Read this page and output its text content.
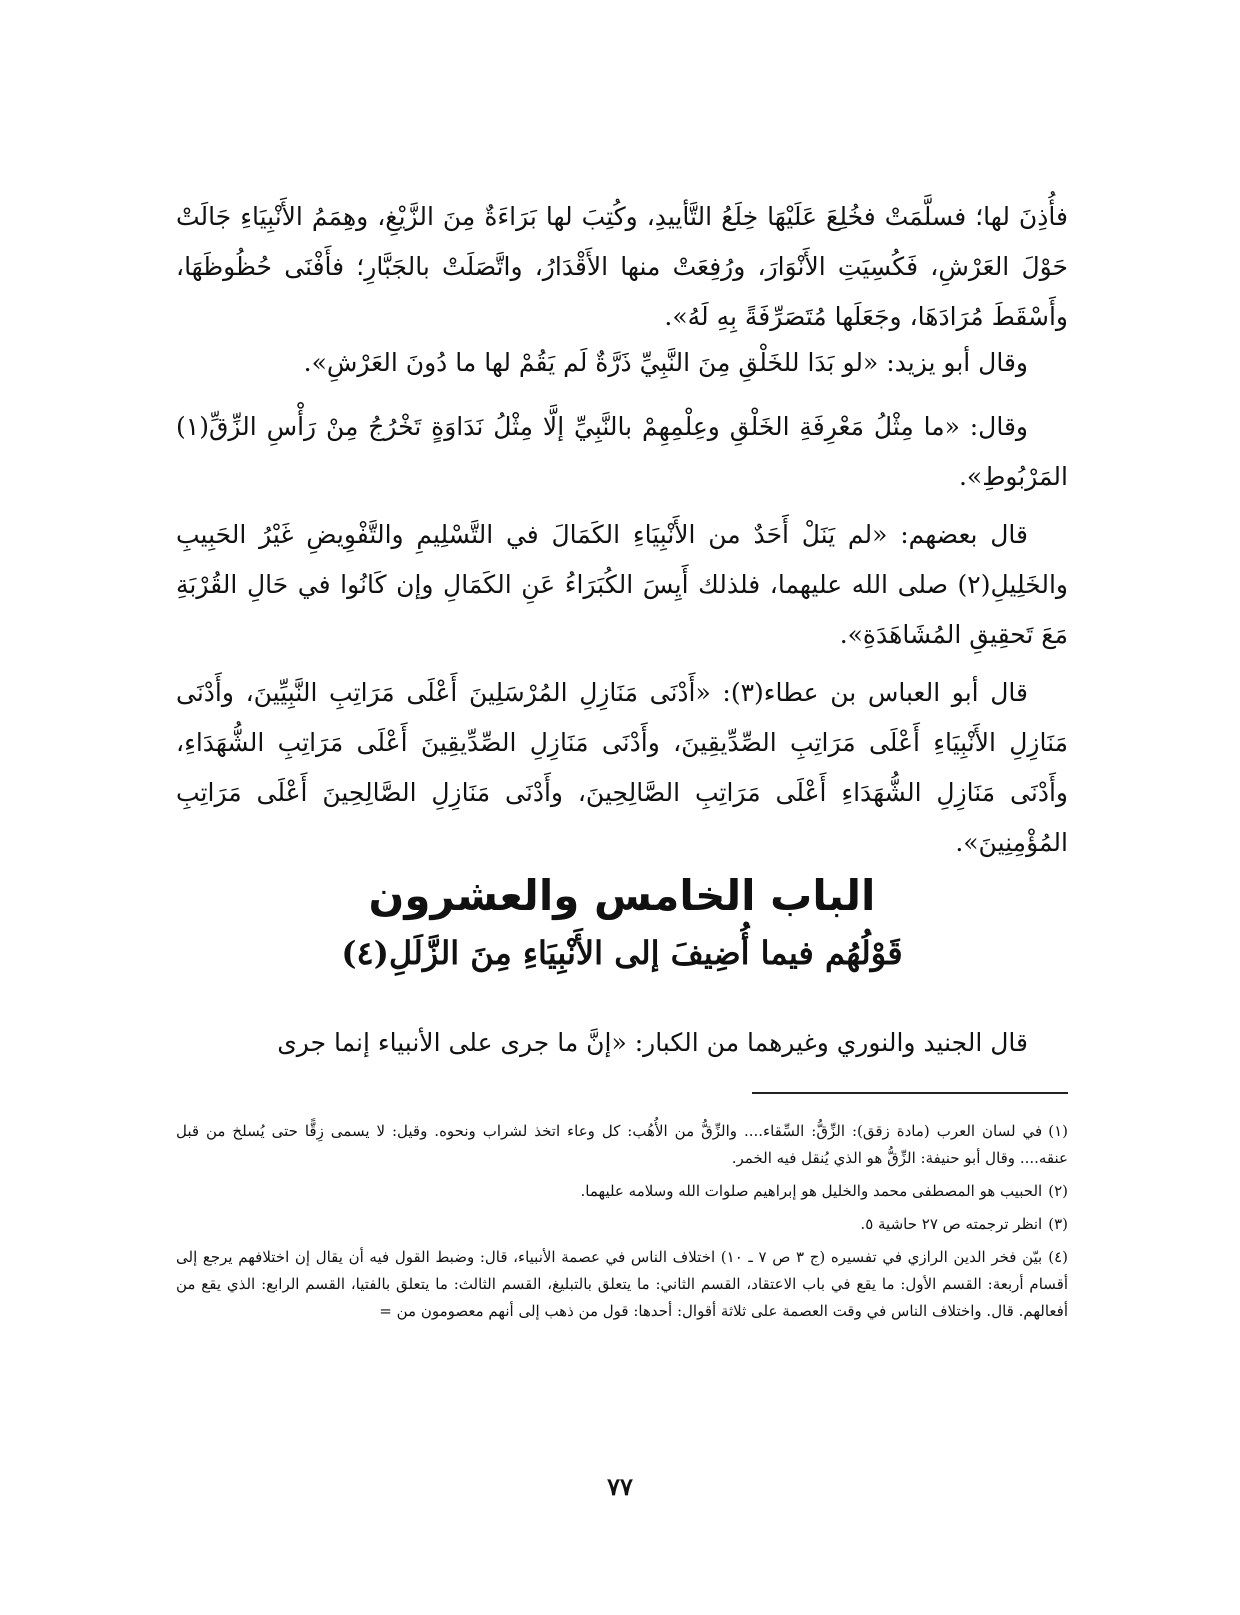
فأُذِنَ لها؛ فسلَّمَتْ فخُلِعَ عَلَيْهَا خِلَعُ التَّأييدِ، وكُتِبَ لها بَرَاءَةٌ مِنَ الزَّيْغِ، وهِمَمُ الأَنْبِيَاءِ جَالَتْ حَوْلَ العَرْشِ، فَكُسِيَتِ الأَنْوَارَ، ورُفِعَتْ منها الأَقْدَارُ، واتَّصَلَتْ بالجَبَّارِ؛ فأَفْنَى حُظُوظَهَا، وأَسْقَطَ مُرَادَهَا، وجَعَلَها مُتَصَرِّفَةً بِهِ لَهُ».

وقال أبو يزيد: «لو بَدَا للخَلْقِ مِنَ النَّبِيِّ ذَرَّةٌ لَم يَقُمْ لها ما دُونَ العَرْشِ».

وقال: «ما مِثْلُ مَعْرِفَةِ الخَلْقِ وعِلْمِهِمْ بالنَّبِيِّ إلَّا مِثْلُ نَدَاوَةٍ تَخْرُجُ مِنْ رَأْسِ الزِّقِّ(١) المَرْبُوطِ».

قال بعضهم: «لم يَنَلْ أَحَدٌ من الأَنْبِيَاءِ الكَمَالَ في التَّسْلِيمِ والتَّفْوِيضِ غَيْرُ الحَبِيبِ والخَلِيلِ(٢) صلى الله عليهما، فلذلك أَيِسَ الكُبَرَاءُ عَنِ الكَمَالِ وإن كَانُوا في حَالِ القُرْبَةِ مَعَ تَحقِيقِ المُشَاهَدَةِ».

قال أبو العباس بن عطاء(٣): «أَدْنَى مَنَازِلِ المُرْسَلِينَ أَعْلَى مَرَاتِبِ النَّبِيِّينَ، وأَدْنَى مَنَازِلِ الأَنْبِيَاءِ أَعْلَى مَرَاتِبِ الصِّدِّيقِينَ، وأَدْنَى مَنَازِلِ الصِّدِّيقِينَ أَعْلَى مَرَاتِبِ الشُّهَدَاءِ، وأَدْنَى مَنَازِلِ الشُّهَدَاءِ أَعْلَى مَرَاتِبِ الصَّالِحِينَ، وأَدْنَى مَنَازِلِ الصَّالِحِينَ أَعْلَى مَرَاتِبِ المُؤْمِنِينَ».

الباب الخامس والعشرون
قَوْلُهُم فيما أُضِيفَ إلى الأَنْبِيَاءِ مِنَ الزَّلَلِ(٤)

قال الجنيد والنوري وغيرهما من الكبار: «إنَّ ما جرى على الأنبياء إنما جرى

(١)في لسان العرب (مادة زقق): الزِّقُّ: السِّقاء.... والزِّقُّ من الأُهُب: كل وعاء اتخذ لشراب ونحوه. وقيل: لا يسمى زِقًّا حتى يُسلخ من قبل عنقه.... وقال أبو حنيفة: الزِّقُّ هو الذي يُنقل فيه الخمر.
(٢)الحبيب هو المصطفى محمد والخليل هو إبراهيم صلوات الله وسلامه عليهما.
(٣)انظر ترجمته ص ٢٧ حاشية ٥.
(٤)بيّن فخر الدين الرازي في تفسيره (ج ٣ ص ٧ ـ ١٠) اختلاف الناس في عصمة الأنبياء، قال: وضبط القول فيه أن يقال إن اختلافهم يرجع إلى أقسام أربعة: القسم الأول: ما يقع في باب الاعتقاد، القسم الثاني: ما يتعلق بالتبليغ، القسم الثالث: ما يتعلق بالفتيا، القسم الرابع: الذي يقع من أفعالهم. قال. واختلاف الناس في وقت العصمة على ثلاثة أقوال: أحدها: قول من ذهب إلى أنهم معصومون من =
٧٧
